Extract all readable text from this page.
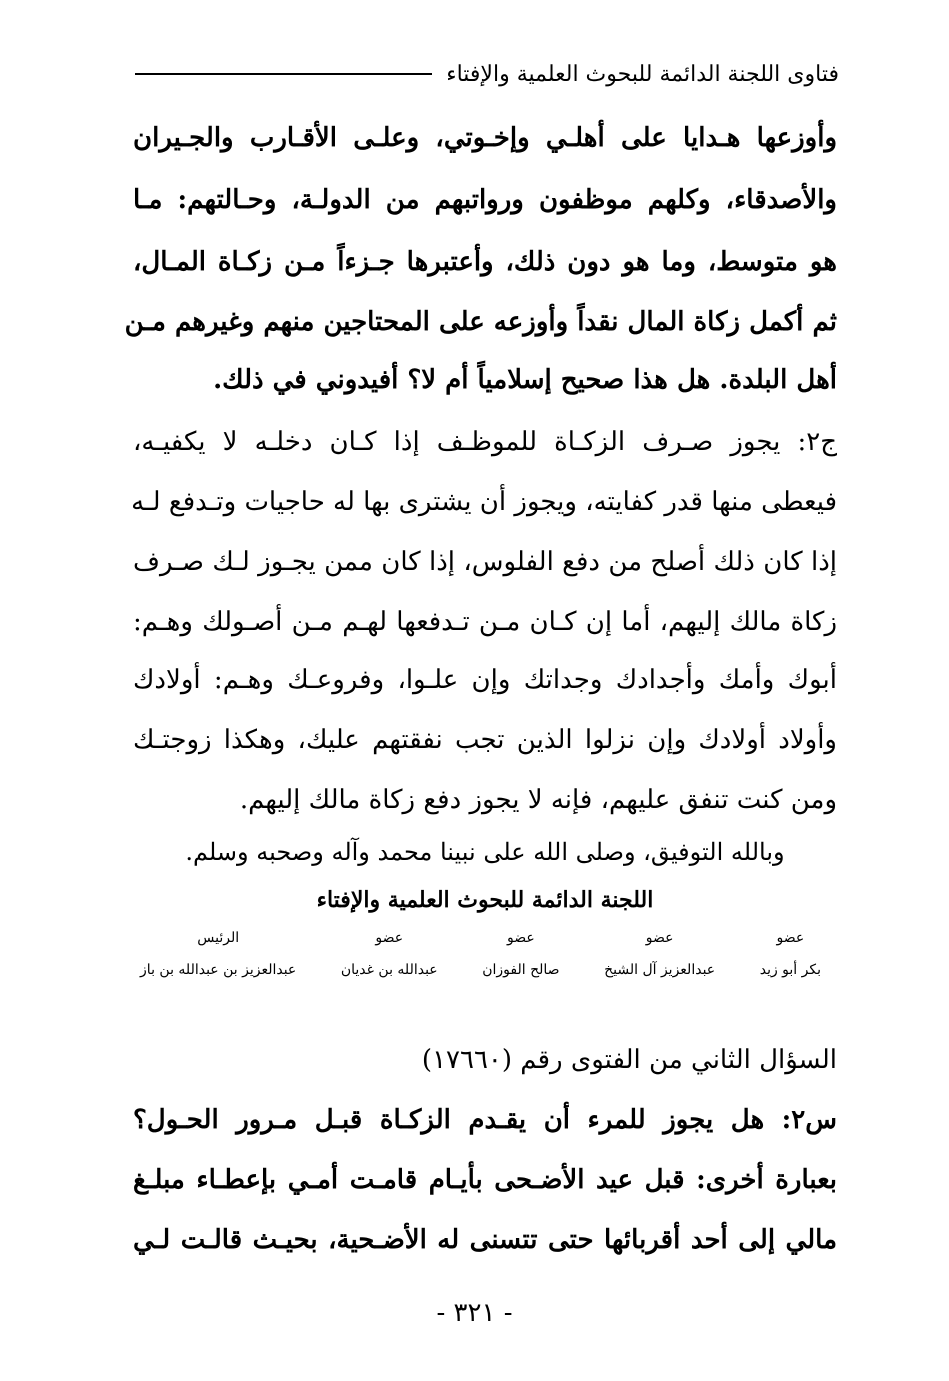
فتاوى اللجنة الدائمة للبحوث العلمية والإفتاء
وأوزعها هـدايا على أهلـي وإخـوتي، وعلـى الأقـارب والجـيران
والأصدقاء، وكلهم موظفون ورواتبهم من الدولـة، وحـالتهم: مـا
هو متوسط، وما هو دون ذلك، وأعتبرها جـزءاً مـن زكـاة المـال،
ثم أكمل زكاة المال نقداً وأوزعه على المحتاجين منهم وغيرهم مـن
أهل البلدة. هل هذا صحيح إسلامياً أم لا؟ أفيدوني في ذلك.
ج٢: يجوز صـرف الزكـاة للموظـف إذا كـان دخلـه لا يكفيـه،
فيعطى منها قدر كفايته، ويجوز أن يشترى بها له حاجيات وتـدفع لـه
إذا كان ذلك أصلح من دفع الفلوس، إذا كان ممن يجـوز لـك صـرف
زكاة مالك إليهم، أما إن كـان مـن تـدفعها لهـم مـن أصـولك وهـم:
أبوك وأمك وأجدادك وجداتك وإن علـوا، وفروعـك وهـم: أولادك
وأولاد أولادك وإن نزلوا الذين تجب نفقتهم عليك، وهكذا زوجتـك
ومن كنت تنفق عليهم، فإنه لا يجوز دفع زكاة مالك إليهم.
وبالله التوفيق، وصلى الله على نبينا محمد وآله وصحبه وسلم.
اللجنة الدائمة للبحوث العلمية والإفتاء
عضو
بكر أبو زيد
عضو
عبدالعزيز آل الشيخ
عضو
صالح الفوزان
عضو
عبدالله بن غديان
الرئيس
عبدالعزيز بن عبدالله بن باز
السؤال الثاني من الفتوى رقم (١٧٦٦٠)
س٢: هل يجوز للمرء أن يقـدم الزكـاة قبـل مـرور الحـول؟
بعبارة أخرى: قبل عيد الأضـحى بأيـام قامـت أمـي بإعطـاء مبلـغ
مالي إلى أحد أقربائها حتى تتسنى له الأضـحية، بحيـث قالـت لـي
- ٣٢١ -
